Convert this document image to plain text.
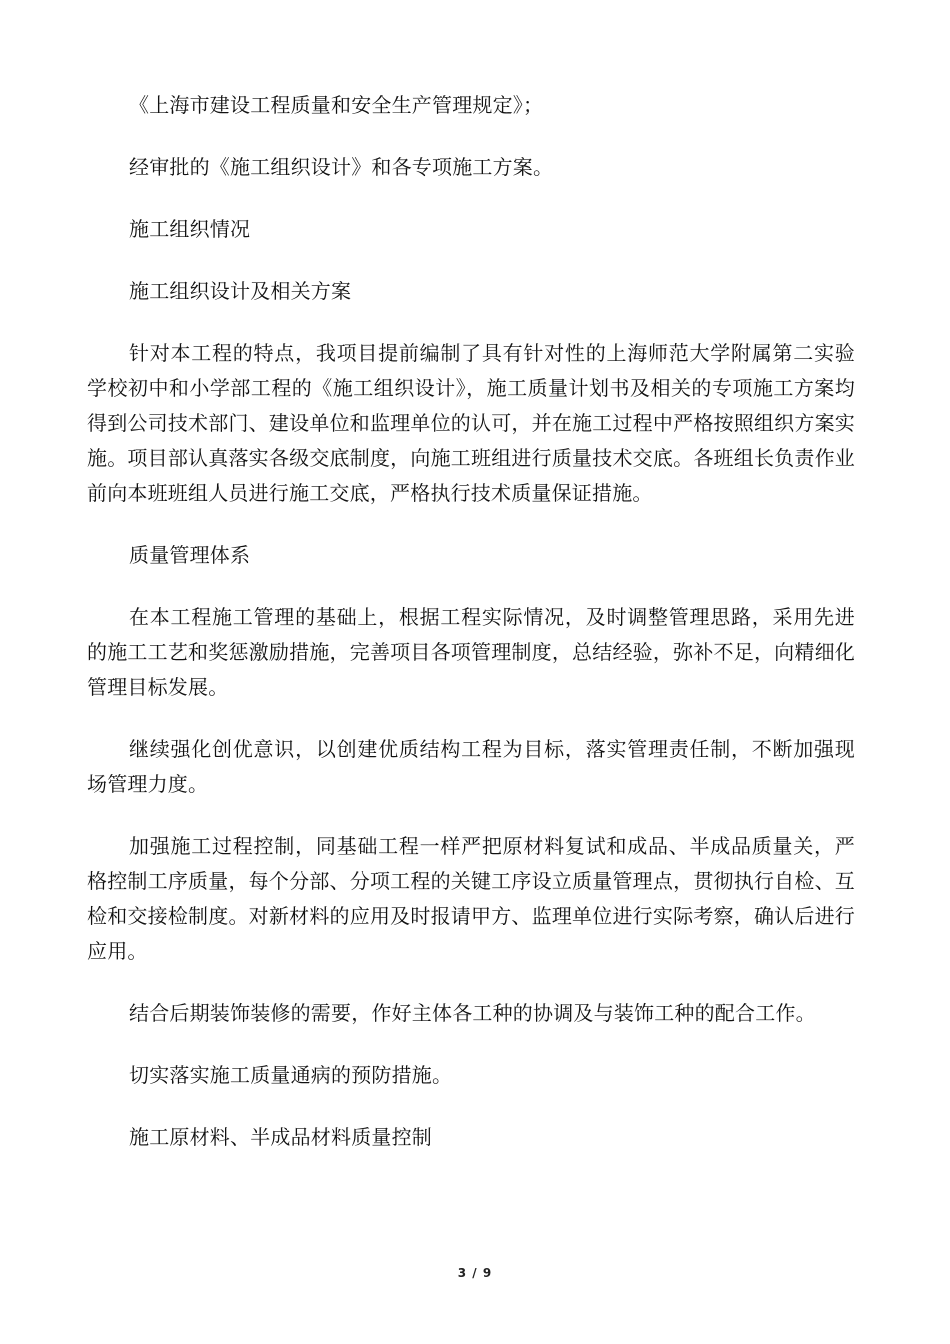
《上海市建设工程质量和安全生产管理规定》；

经审批的《施工组织设计》和各专项施工方案。

施工组织情况

施工组织设计及相关方案

针对本工程的特点，我项目提前编制了具有针对性的上海师范大学附属第二实验学校初中和小学部工程的《施工组织设计》，施工质量计划书及相关的专项施工方案均得到公司技术部门、建设单位和监理单位的认可，并在施工过程中严格按照组织方案实施。项目部认真落实各级交底制度，向施工班组进行质量技术交底。各班组长负责作业前向本班班组人员进行施工交底，严格执行技术质量保证措施。

质量管理体系

在本工程施工管理的基础上，根据工程实际情况，及时调整管理思路，采用先进的施工工艺和奖惩激励措施，完善项目各项管理制度，总结经验，弥补不足，向精细化管理目标发展。

继续强化创优意识，以创建优质结构工程为目标，落实管理责任制，不断加强现场管理力度。

加强施工过程控制，同基础工程一样严把原材料复试和成品、半成品质量关，严格控制工序质量，每个分部、分项工程的关键工序设立质量管理点，贯彻执行自检、互检和交接检制度。对新材料的应用及时报请甲方、监理单位进行实际考察，确认后进行应用。

结合后期装饰装修的需要，作好主体各工种的协调及与装饰工种的配合工作。

切实落实施工质量通病的预防措施。

施工原材料、半成品材料质量控制

3 / 9
